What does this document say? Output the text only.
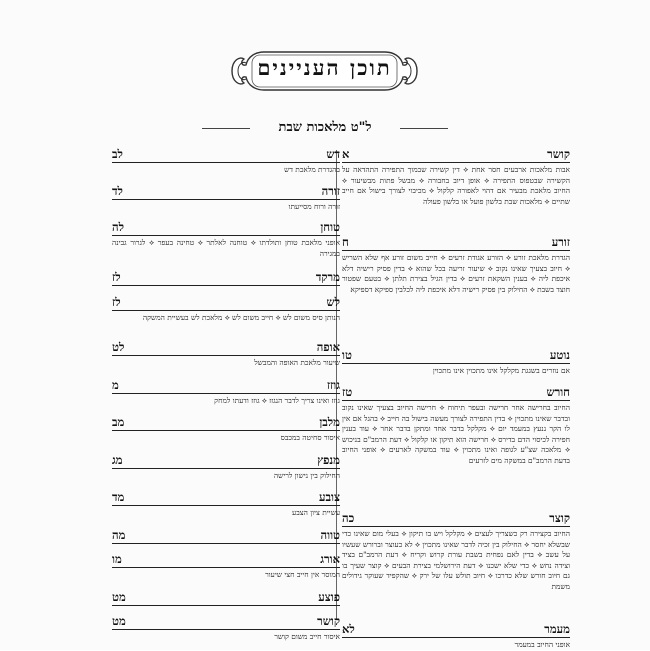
תוכן העניינים
ל"ט מלאכות שבת
קושר
א
אבות מלאכות ארבעים חסר אחת ⟡ דין קשירה שבמוך התפירה התהדאה על הקשירה שבטפוס התפירה ⟡ אופן דיוב בחבורה ⟡ מבשל פתות מבשיעור ⟡ החיוב מלאכת מבעיר אם דהוי לאפורה קלקול ⟡ מכיבוי לצורך בישול אם חייב שתיים ⟡ מלאכות שבת בלשון פועל או בלשון פעולה
זורע
ח
הגדרת מלאכת זורע ⟡ הזורע אגודת זרעים ⟡ חייב משום זורע אף שלא השריש ⟡ חיוב בצעיך שאינו נקוב ⟡ שיעור זריעה בכל שהוא ⟡ בדין פסיק רישיה דלא איכפת ליה ⟡ בענין השקאת זרעים ⟡ בדין הגיל בצירת תלתן ⟡ בטעם שפטור חוצד בשבת ⟡ החילוק בין פסיק רישיה דלא איכפת ליה לכלבין ספיקא דספיקא
נוטע
טו
אם נוזרים בשגגת מקלקל אינו מתכוין אינו מתכוין
חורש
טז
החיוב בחרישה אחר חרישה ובעפר תיחוח ⟡ חרישה החיוב בצעיך שאינו נקוב ובדבר שאינו מתכוין ⟡ בדין התפירה לצורך מעשה בישול בה חייב ⟡ בהגל אם אין לו הקר ננעץ במעמד יום ⟡ מקלקל בדבר אחד ומתקן בדבר אחר ⟡ עוד בענין חפירה לכיסוי הדם בדירס ⟡ חרישה הוא תיקון או קלקול ⟡ דעת הרמב"ם בניכוש ⟡ מלאכה שצ"ע לגופה ואינו מתכוין ⟡ עוד במשקה לארעים ⟡ אופני החיוב בדעת הרמב"ם במשקה מים לזרעים
קוצר
כה
החיוב בקצירה רק כשצריך לעצים ⟡ מקלקל ויש בו תיקון ⟡ בעלי מום שאינו כדי שבשלא יחסר ⟡ החילוק בין זכיה לדבר שאינו מתכוין ⟡ לא כעוצר וברורש שעשיו על עשב ⟡ בדין לאם נפחית בשבת עורת קרוש וקריח ⟡ דעת הרמב"ם בציד וצידה נחש ⟡ כדי שלא ישכנו ⟡ דעת הירושלמי בצירת הבעים ⟡ קוצר שעיך בו גם חיוב חורש שלא כדרכו ⟡ חיוב תולש עלו של ירק ⟡ שהקפיד שעוקר גידולים משמת
מעמר
לא
אופני החיוב במעמר
דש
לב
בהגדרת מלאכת דש
זורה
לד
זורה ורוח מסייעתו
טוחן
לה
אופני מלאכת טוחן ותולדתו ⟡ טוחנה לאלתר ⟡ טחינה בעפר ⟡ לגרור גבינה במגירה
מרקד
לז
לש
לז
הנותן סיס משום לש ⟡ חייב משום לש ⟡ מלאכת לש בעשיית המשקה
אופה
לט
שיעור מלאכת האופה והמבשל
גוזז
מ
גוזז ואינו צריך לדבר הנגזז ⟡ גוזז ודעתו למחק
מלבן
מב
איסור סחיטה במכבס
מנפץ
מג
החילוק בין נישון לרישה
צובע
מד
עשיית ציון הצבע
טווה
מה
אורג
מו
המוסר אין חייב חצי שיעור
פוצע
מט
קושר
מט
איסור חייב משום קושר
